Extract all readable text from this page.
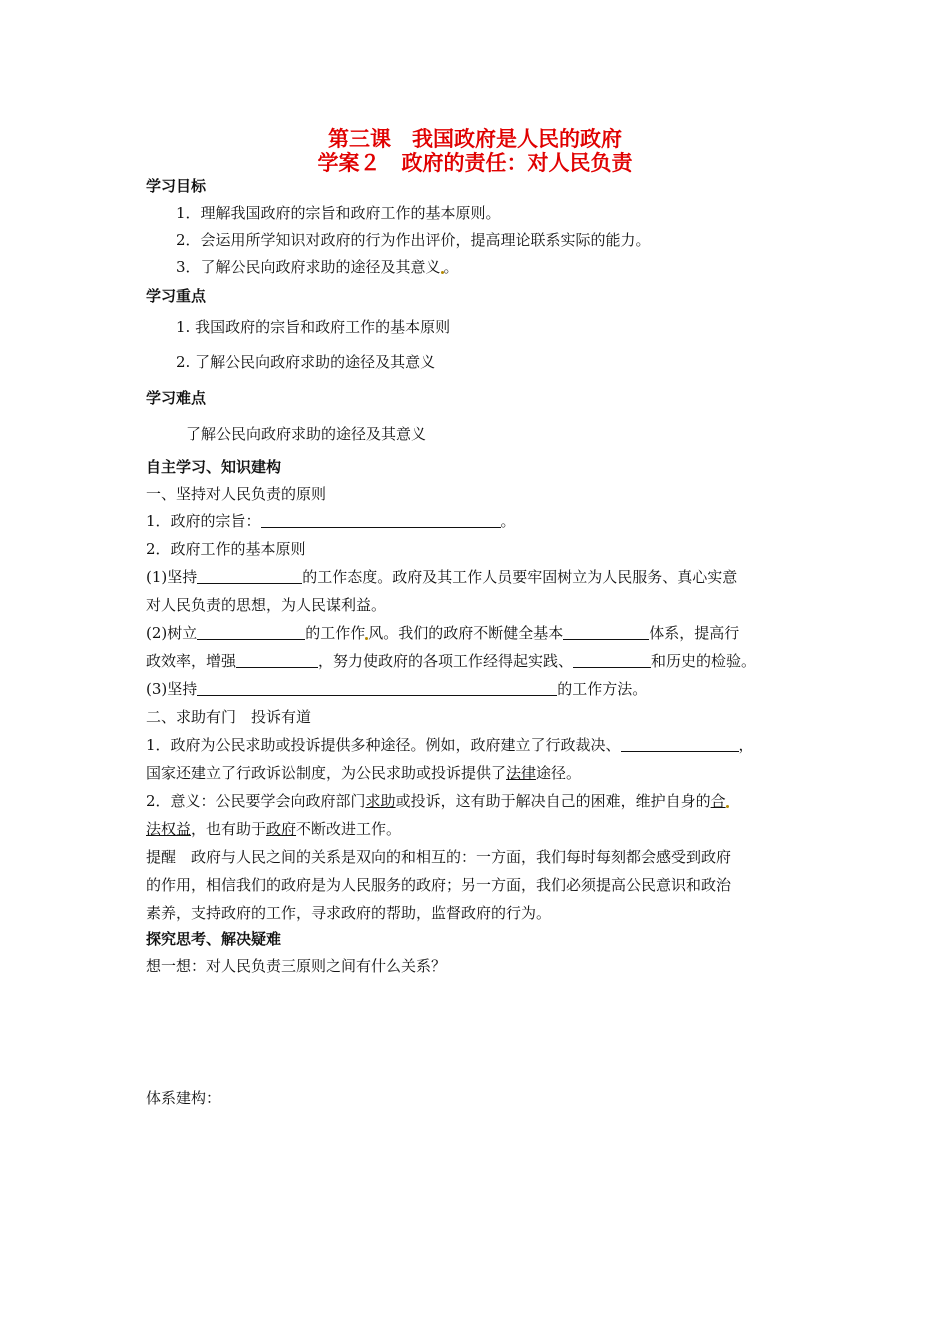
第三课　我国政府是人民的政府
学案２　政府的责任：对人民负责
学习目标
1．理解我国政府的宗旨和政府工作的基本原则。
2．会运用所学知识对政府的行为作出评价，提高理论联系实际的能力。
3．了解公民向政府求助的途径及其意义 。
学习重点
1. 我国政府的宗旨和政府工作的基本原则
2. 了解公民向政府求助的途径及其意义
学习难点
了解公民向政府求助的途径及其意义
自主学习、知识建构
一、坚持对人民负责的原则
1．政府的宗旨：	。
2．政府工作的基本原则
(1)坚持	的工作态度。政府及其工作人员要牢固树立为人民服务、真心实意
对人民负责的思想，为人民谋利益。
(2)树立	的工作作 风。我们的政府不断健全基本	体系，提高行
政效率，增强	，努力使政府的各项工作经得起实践、	和历史的检验。
(3)坚持	的工作方法。
二、求助有门　投诉有道
1．政府为公民求助或投诉提供多种途径。例如，政府建立了行政裁决、	，
国家还建立了行政诉讼制度，为公民求助或投诉提供了法律途径。
2．意义：公民要学会向政府部门求助或投诉，这有助于解决自己的困难，维护自身的合
法权益，也有助于政府不断改进工作。
提醒　政府与人民之间的关系是双向的和相互的：一方面，我们每时每刻都会感受到政府
的作用，相信我们的政府是为人民服务的政府；另一方面，我们必须提高公民意识和政治
素养，支持政府的工作，寻求政府的帮助，监督政府的行为。
探究思考、解决疑难
想一想：对人民负责三原则之间有什么关系？
体系建构：
